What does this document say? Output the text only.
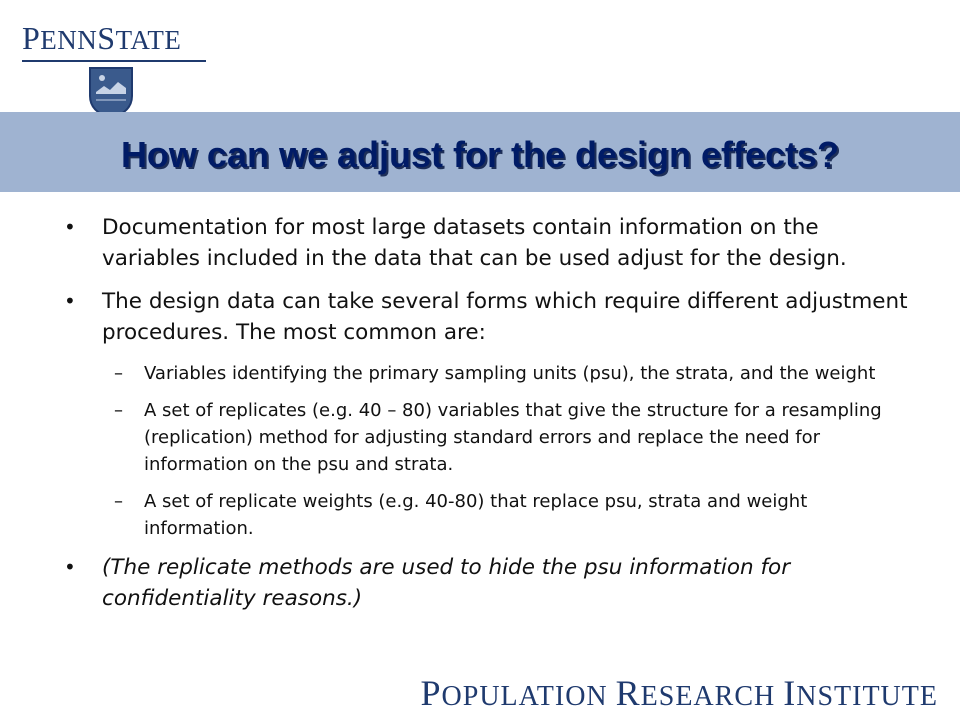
PENNSTATE
How can we adjust for the design effects?
• Documentation for most large datasets contain information on the variables included in the data that can be used adjust for the design.
• The design data can take several forms which require different adjustment procedures. The most common are:
– Variables identifying the primary sampling units (psu), the strata, and the weight
– A set of replicates (e.g. 40 – 80) variables that give the structure for a resampling (replication) method for adjusting standard errors and replace the need for information on the psu and strata.
– A set of replicate weights (e.g. 40-80) that replace psu, strata and weight information.
• (The replicate methods are used to hide the psu information for confidentiality reasons.)
POPULATION RESEARCH INSTITUTE
